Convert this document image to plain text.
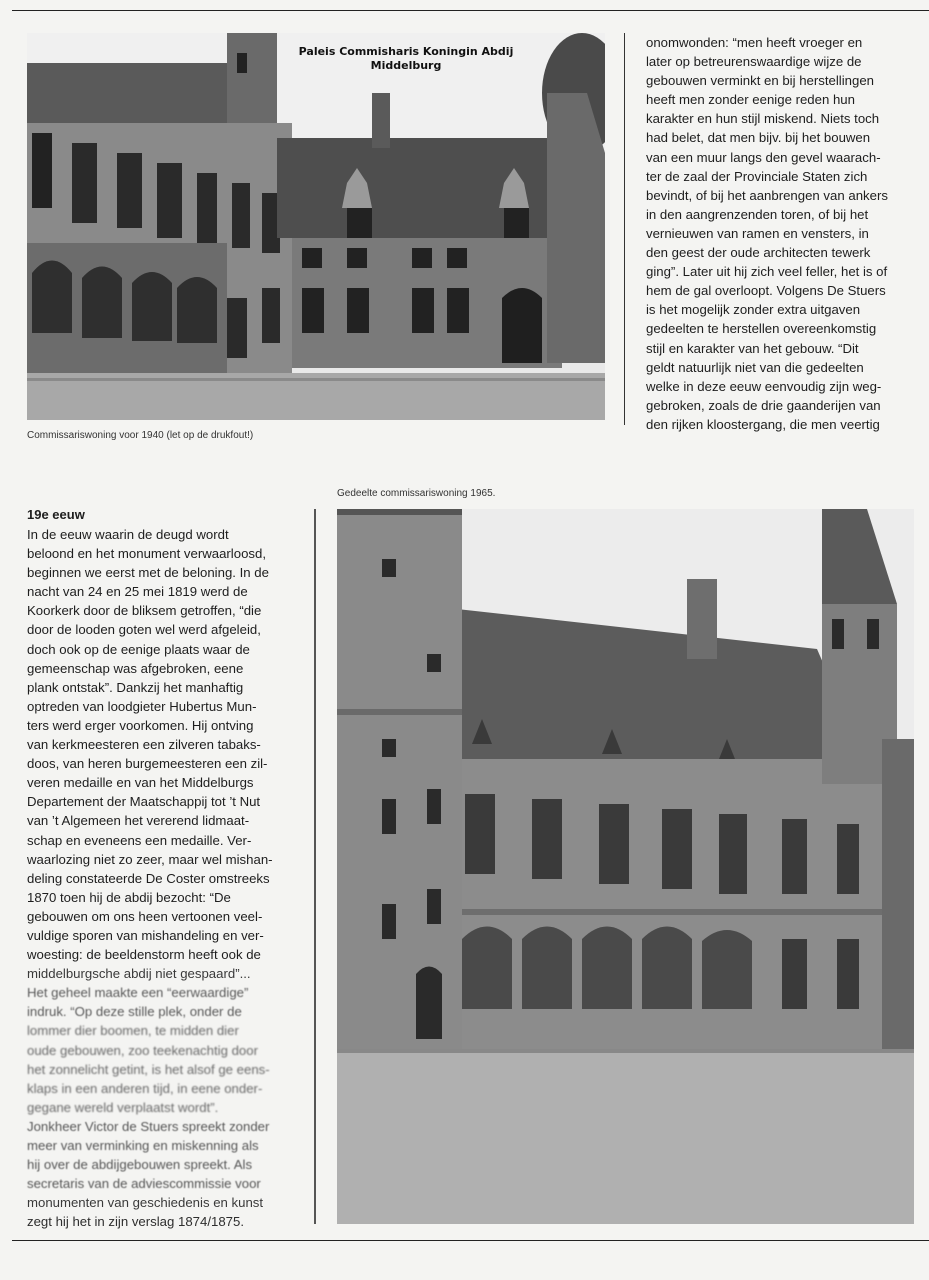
Paleis Commisharis Koningin Abdij
Middelburg
Commissariswoning voor 1940 (let op de drukfout!)
onomwonden: “men heeft vroeger en
later op betreurenswaardige wijze de
gebouwen verminkt en bij herstellingen
heeft men zonder eenige reden hun
karakter en hun stijl miskend. Niets toch
had belet, dat men bijv. bij het bouwen
van een muur langs den gevel waarach-
ter de zaal der Provinciale Staten zich
bevindt, of bij het aanbrengen van ankers
in den aangrenzenden toren, of bij het
vernieuwen van ramen en vensters, in
den geest der oude architecten tewerk
ging”. Later uit hij zich veel feller, het is of
hem de gal overloopt. Volgens De Stuers
is het mogelijk zonder extra uitgaven
gedeelten te herstellen overeenkomstig
stijl en karakter van het gebouw. “Dit
geldt natuurlijk niet van die gedeelten
welke in deze eeuw eenvoudig zijn weg-
gebroken, zoals de drie gaanderijen van
den rijken kloostergang, die men veertig
19e eeuw
In de eeuw waarin de deugd wordt
beloond en het monument verwaarloosd,
beginnen we eerst met de beloning. In de
nacht van 24 en 25 mei 1819 werd de
Koorkerk door de bliksem getroffen, “die
door de looden goten wel werd afgeleid,
doch ook op de eenige plaats waar de
gemeenschap was afgebroken, eene
plank ontstak”. Dankzij het manhaftig
optreden van loodgieter Hubertus Mun-
ters werd erger voorkomen. Hij ontving
van kerkmeesteren een zilveren tabaks-
doos, van heren burgemeesteren een zil-
veren medaille en van het Middelburgs
Departement der Maatschappij tot ’t Nut
van ’t Algemeen het vererend lidmaat-
schap en eveneens een medaille. Ver-
waarlozing niet zo zeer, maar wel mishan-
deling constateerde De Coster omstreeks
1870 toen hij de abdij bezocht: “De
gebouwen om ons heen vertoonen veel-
vuldige sporen van mishandeling en ver-
woesting: de beeldenstorm heeft ook de
middelburgsche abdij niet gespaard”...
Het geheel maakte een “eerwaardige”
indruk. “Op deze stille plek, onder de
lommer dier boomen, te midden dier
oude gebouwen, zoo teekenachtig door
het zonnelicht getint, is het alsof ge eens-
klaps in een anderen tijd, in eene onder-
gegane wereld verplaatst wordt”.
Jonkheer Victor de Stuers spreekt zonder
meer van verminking en miskenning als
hij over de abdijgebouwen spreekt. Als
secretaris van de adviescommissie voor
monumenten van geschiedenis en kunst
zegt hij het in zijn verslag 1874/1875.
Gedeelte commissariswoning 1965.
